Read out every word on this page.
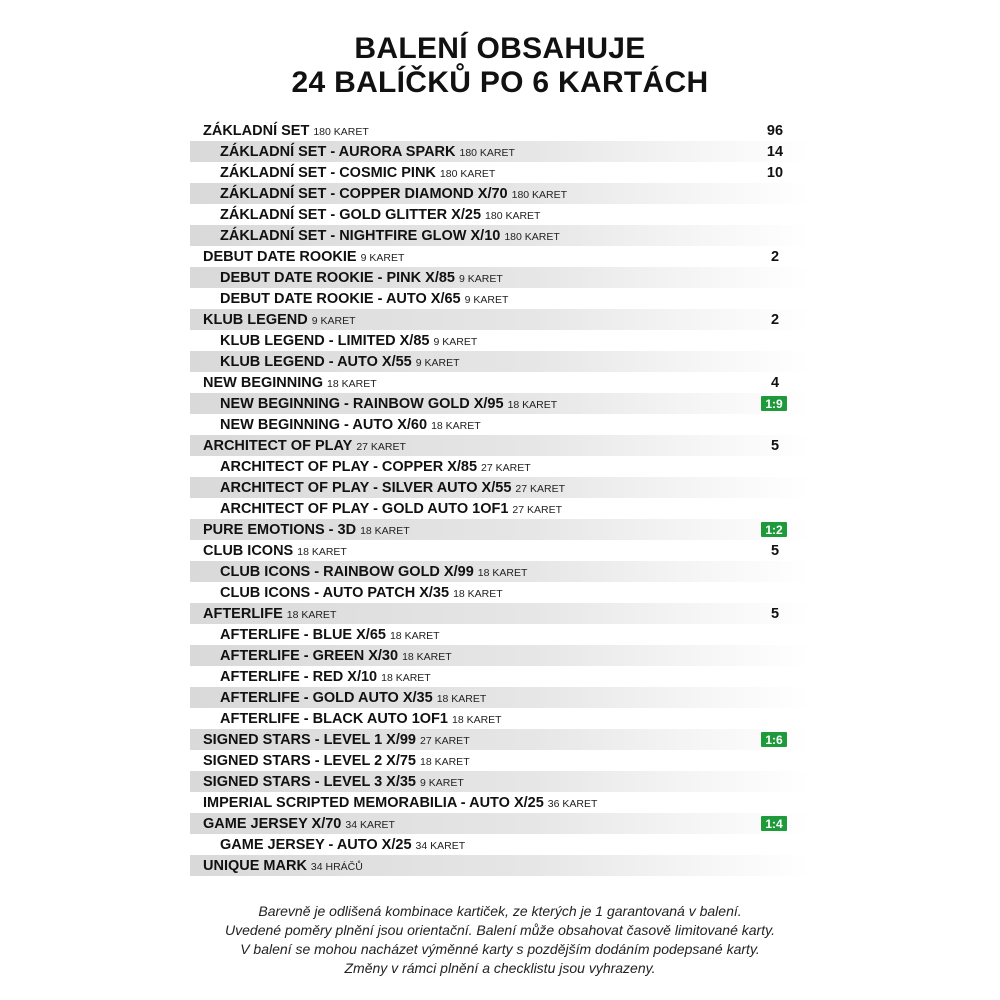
BALENÍ OBSAHUJE
24 BALÍČKŮ PO 6 KARTÁCH
ZÁKLADNÍ SET 180 KARET	96
ZÁKLADNÍ SET - AURORA SPARK 180 KARET	14
ZÁKLADNÍ SET - COSMIC PINK 180 KARET	10
ZÁKLADNÍ SET - COPPER DIAMOND X/70 180 KARET
ZÁKLADNÍ SET - GOLD GLITTER X/25 180 KARET
ZÁKLADNÍ SET - NIGHTFIRE GLOW X/10 180 KARET
DEBUT DATE ROOKIE 9 KARET	2
DEBUT DATE ROOKIE - PINK X/85 9 KARET
DEBUT DATE ROOKIE - AUTO X/65 9 KARET
KLUB LEGEND 9 KARET	2
KLUB LEGEND - LIMITED X/85 9 KARET
KLUB LEGEND - AUTO X/55 9 KARET
NEW BEGINNING 18 KARET	4
NEW BEGINNING - RAINBOW GOLD X/95 18 KARET	1:9
NEW BEGINNING - AUTO X/60 18 KARET
ARCHITECT OF PLAY 27 KARET	5
ARCHITECT OF PLAY - COPPER X/85 27 KARET
ARCHITECT OF PLAY - SILVER AUTO X/55 27 KARET
ARCHITECT OF PLAY - GOLD AUTO 1OF1 27 KARET
PURE EMOTIONS - 3D 18 KARET	1:2
CLUB ICONS 18 KARET	5
CLUB ICONS - RAINBOW GOLD X/99 18 KARET
CLUB ICONS - AUTO PATCH X/35 18 KARET
AFTERLIFE 18 KARET	5
AFTERLIFE - BLUE X/65 18 KARET
AFTERLIFE - GREEN X/30 18 KARET
AFTERLIFE - RED X/10 18 KARET
AFTERLIFE - GOLD AUTO X/35 18 KARET
AFTERLIFE - BLACK AUTO 1OF1 18 KARET
SIGNED STARS - LEVEL 1 X/99 27 KARET	1:6
SIGNED STARS - LEVEL 2 X/75 18 KARET
SIGNED STARS - LEVEL 3 X/35 9 KARET
IMPERIAL SCRIPTED MEMORABILIA - AUTO X/25 36 KARET
GAME JERSEY X/70 34 KARET	1:4
GAME JERSEY - AUTO X/25 34 KARET
UNIQUE MARK 34 HRÁČŮ
Barevně je odlišená kombinace kartiček, ze kterých je 1 garantovaná v balení.
Uvedené poměry plnění jsou orientační. Balení může obsahovat časově limitované karty.
V balení se mohou nacházet výměnné karty s pozdějším dodáním podepsané karty.
Změny v rámci plnění a checklistu jsou vyhrazeny.
